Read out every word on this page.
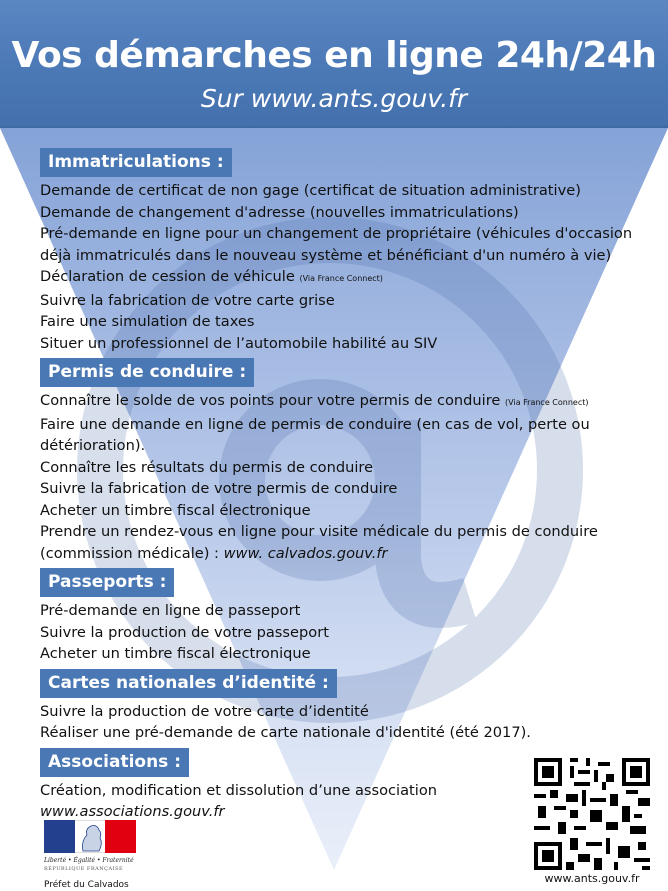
Vos démarches en ligne 24h/24h
Sur www.ants.gouv.fr
Immatriculations :
Demande de certificat de non gage (certificat de situation administrative)
Demande de changement d'adresse (nouvelles immatriculations)
Pré-demande en ligne pour un changement de propriétaire (véhicules d'occasion déjà immatriculés dans le nouveau système et bénéficiant d'un numéro à vie)
Déclaration de cession de véhicule (Via France Connect)
Suivre la fabrication de votre carte grise
Faire une simulation de taxes
Situer un professionnel de l’automobile habilité au SIV
Permis de conduire :
Connaître le solde de vos points pour votre permis de conduire (Via France Connect)
Faire une demande en ligne de permis de conduire (en cas de vol, perte ou détérioration).
Connaître les résultats du permis de conduire
Suivre la fabrication de votre permis de conduire
Acheter un timbre fiscal électronique
Prendre un rendez-vous en ligne pour visite médicale du permis de conduire (commission médicale) : www. calvados.gouv.fr
Passeports :
Pré-demande en ligne de passeport
Suivre la production de votre passeport
Acheter un timbre fiscal électronique
Cartes nationales d’identité :
Suivre la production de votre carte d’identité
Réaliser une pré-demande de carte nationale d'identité (été 2017).
Associations :
Création, modification et dissolution d’une association
www.associations.gouv.fr
Liberté • Égalité • Fraternité
RÉPUBLIQUE FRANÇAISE
Préfet du Calvados	www.ants.gouv.fr
